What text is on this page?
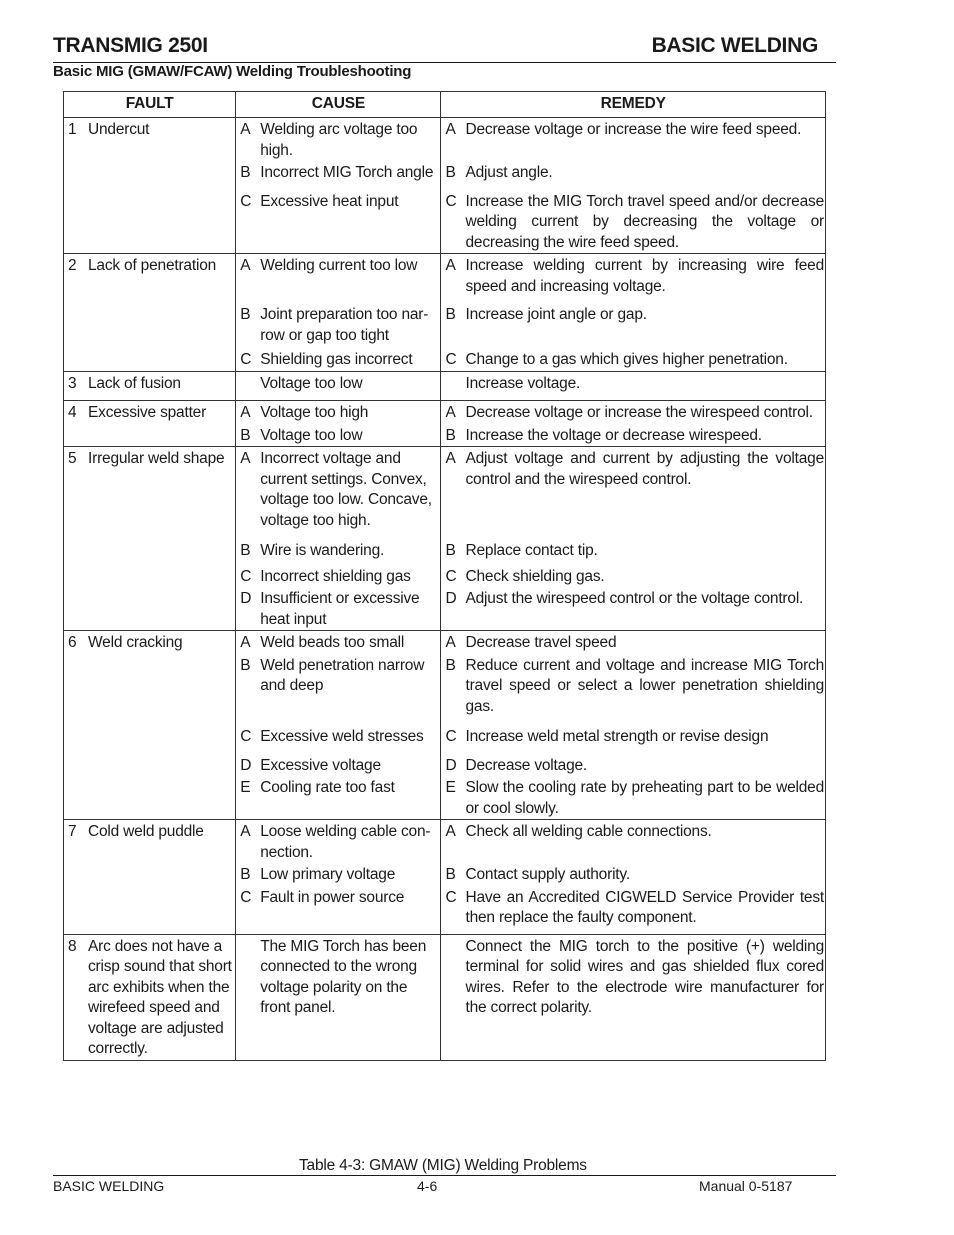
TRANSMIG 250I	BASIC WELDING
Basic MIG (GMAW/FCAW) Welding Troubleshooting
FAULT	CAUSE	REMEDY

1 Undercut	A Welding arc voltage too high.	A Decrease voltage or increase the wire feed speed.

	B Incorrect MIG Torch angle	B Adjust angle.

	C Excessive heat input	C Increase the MIG Torch travel speed and/or decrease welding current by decreasing the voltage or decreasing the wire feed speed.

2 Lack of penetration	A Welding current too low	A Increase welding current by increasing wire feed speed and increasing voltage.

	B Joint preparation too nar-row or gap too tight	B Increase joint angle or gap.

	C Shielding gas incorrect	C Change to a gas which gives higher penetration.

3 Lack of fusion	Voltage too low	Increase voltage.

4 Excessive spatter	A Voltage too high	A Decrease voltage or increase the wirespeed control.

	B Voltage too low	B Increase the voltage or decrease wirespeed.

5 Irregular weld shape	A Incorrect voltage and current settings. Convex, voltage too low. Concave, voltage too high.	A Adjust voltage and current by adjusting the voltage control and the wirespeed control.

	B Wire is wandering.	B Replace contact tip.

	C Incorrect shielding gas	C Check shielding gas.

	D Insufficient or excessive heat input	D Adjust the wirespeed control or the voltage control.

6 Weld cracking	A Weld beads too small	A Decrease travel speed

	B Weld penetration narrow and deep	B Reduce current and voltage and increase MIG Torch travel speed or select a lower penetration shielding gas.

	C Excessive weld stresses	C Increase weld metal strength or revise design

	D Excessive voltage	D Decrease voltage.

	E Cooling rate too fast	E Slow the cooling rate by preheating part to be welded or cool slowly.

7 Cold weld puddle	A Loose welding cable con-nection.	A Check all welding cable connections.

	B Low primary voltage	B Contact supply authority.

	C Fault in power source	C Have an Accredited CIGWELD Service Provider test then replace the faulty component.

8 Arc does not have a crisp sound that short arc exhibits when the wirefeed speed and voltage are adjusted correctly.	The MIG Torch has been connected to the wrong voltage polarity on the front panel.	Connect the MIG torch to the positive (+) welding terminal for solid wires and gas shielded flux cored wires. Refer to the electrode wire manufacturer for the correct polarity.
Table 4-3: GMAW (MIG) Welding Problems
BASIC WELDING	4-6	Manual 0-5187
